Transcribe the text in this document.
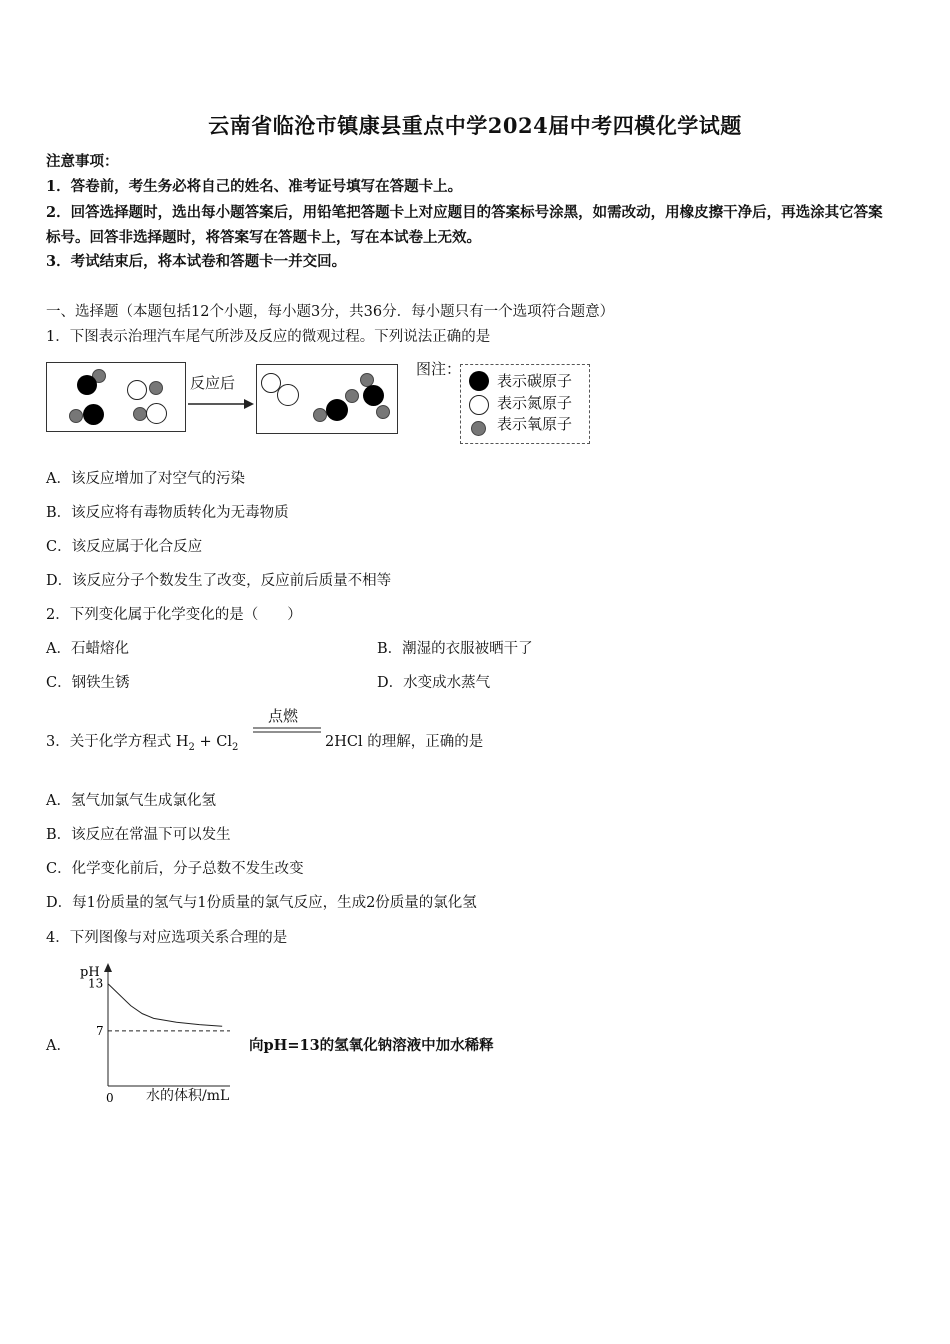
云南省临沧市镇康县重点中学2024届中考四模化学试题
注意事项：
1．答卷前，考生务必将自己的姓名、准考证号填写在答题卡上。
2．回答选择题时，选出每小题答案后，用铅笔把答题卡上对应题目的答案标号涂黑，如需改动，用橡皮擦干净后，再选涂其它答案标号。回答非选择题时，将答案写在答题卡上，写在本试卷上无效。
3．考试结束后，将本试卷和答题卡一并交回。
一、选择题（本题包括12个小题，每小题3分，共36分．每小题只有一个选项符合题意）
1．下图表示治理汽车尾气所涉及反应的微观过程。下列说法正确的是
反应后
图注：
表示碳原子
表示氮原子
表示氧原子
A．该反应增加了对空气的污染
B．该反应将有毒物质转化为无毒物质
C．该反应属于化合反应
D．该反应分子个数发生了改变，反应前后质量不相等
2．下列变化属于化学变化的是（　　）
A．石蜡熔化	B．潮湿的衣服被晒干了
C．钢铁生锈	D．水变成水蒸气
3．关于化学方程式 $H_2 + Cl_2$
点燃
2HCl 的理解，正确的是
A．氢气加氯气生成氯化氢
B．该反应在常温下可以发生
C．化学变化前后，分子总数不发生改变
D．每1份质量的氢气与1份质量的氯气反应，生成2份质量的氯化氢
4．下列图像与对应选项关系合理的是
A．
pH
0
13
7
水的体积/mL
向pH=13的氢氧化钠溶液中加水稀释
